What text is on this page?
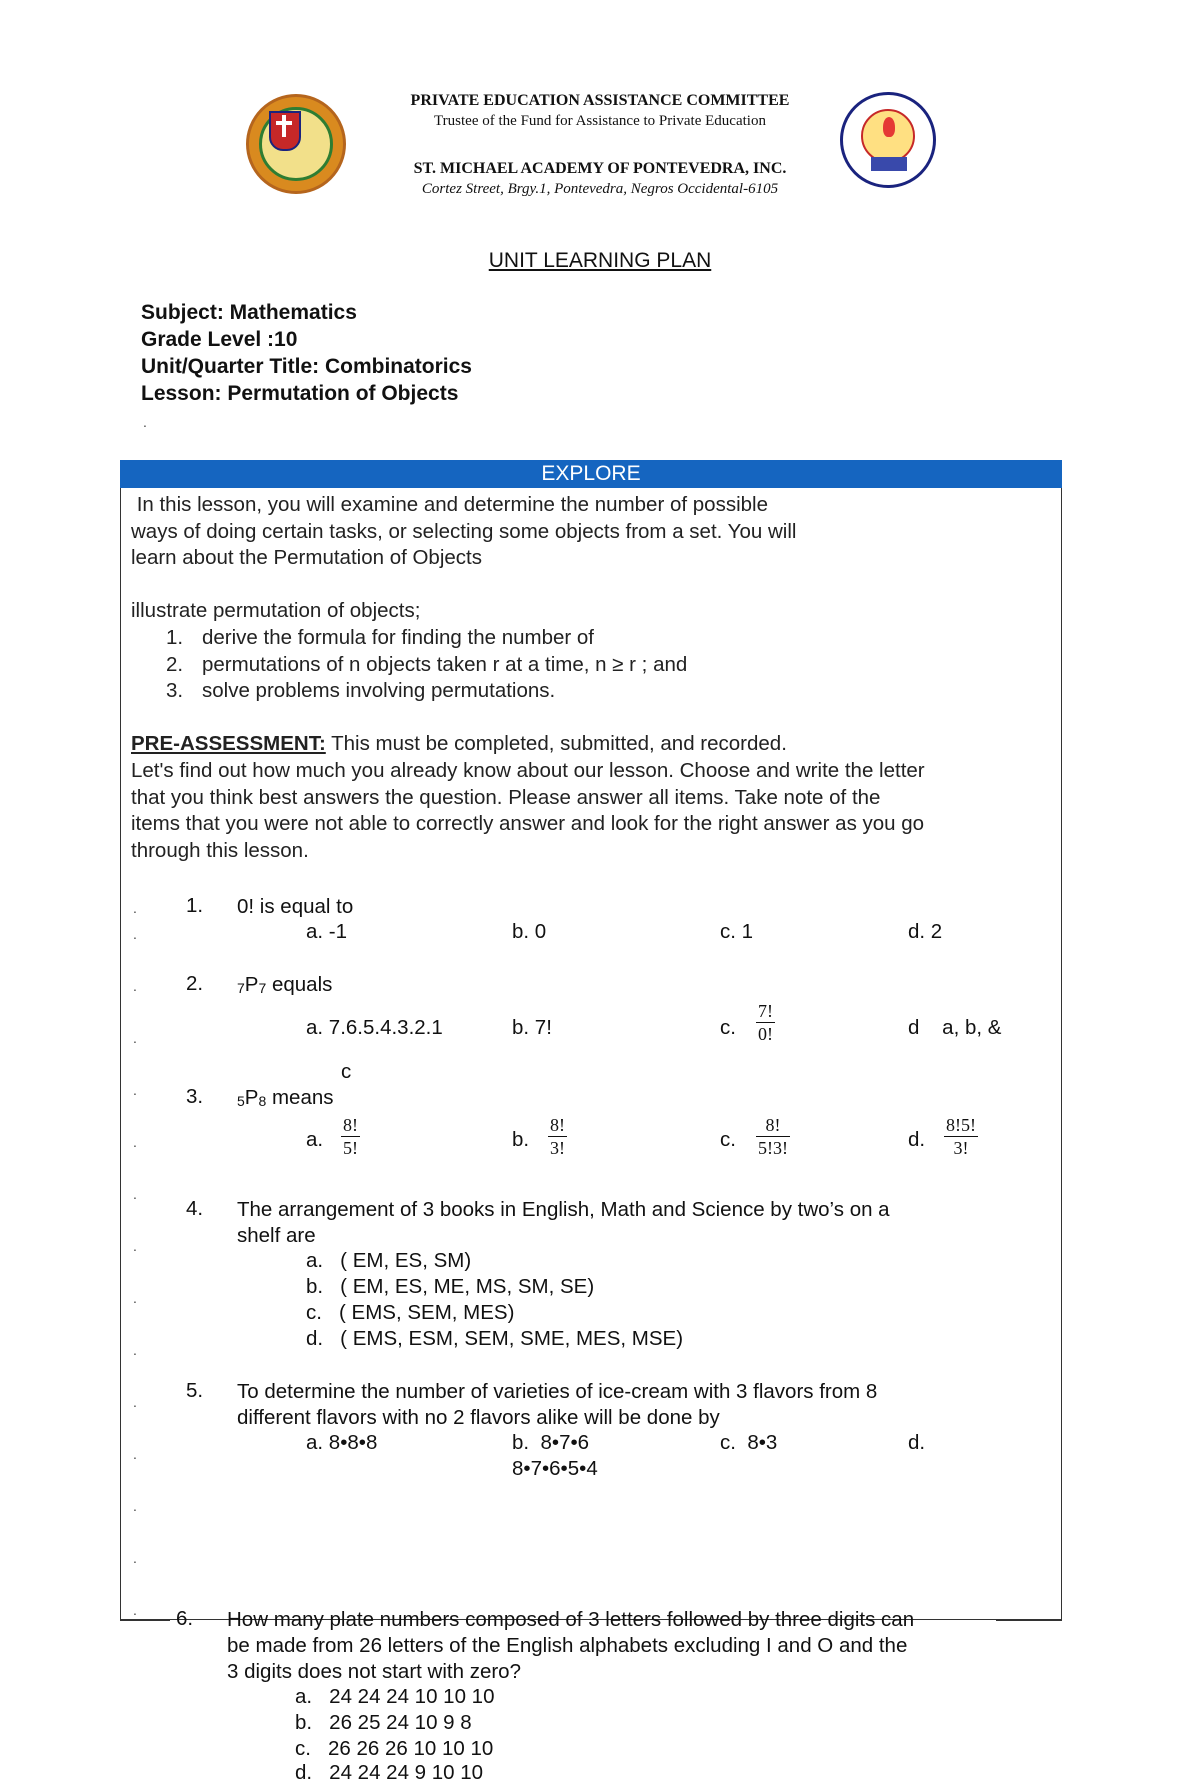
PRIVATE EDUCATION ASSISTANCE COMMITTEE
Trustee of the Fund for Assistance to Private Education
ST. MICHAEL ACADEMY OF PONTEVEDRA, INC.
Cortez Street, Brgy.1, Pontevedra, Negros Occidental-6105
UNIT LEARNING PLAN
Subject: Mathematics
Grade Level :10
Unit/Quarter Title: Combinatorics
Lesson: Permutation of Objects
.
EXPLORE
In this lesson, you will examine and determine the number of possible
ways of doing certain tasks, or selecting some objects from a set. You will
learn about the Permutation of Objects
illustrate permutation of objects;
1. derive the formula for finding the number of
2. permutations of n objects taken r at a time, n ≥ r ; and
3. solve problems involving permutations.
PRE-ASSESSMENT: This must be completed, submitted, and recorded.
Let's find out how much you already know about our lesson. Choose and write the letter
that you think best answers the question. Please answer all items. Take note of the
items that you were not able to correctly answer and look for the right answer as you go
through this lesson.
.
.
.
.
.
.
.
.
.
.
.
.
.
.
.
1. 0! is equal to
a. -1	b. 0	c. 1	d. 2
2. 7P7 equals
a. 7.6.5.4.3.2.1	b. 7!	c. $\frac{7!}{0!}$	d    a, b, &
c
3. 5P8 means
a. $\frac{8!}{5!}$	b. $\frac{8!}{3!}$	c. $\frac{8!}{5!3!}$	d. $\frac{8!5!}{3!}$
4. The arrangement of 3 books in English, Math and Science by two’s on a
shelf are
a.   ( EM, ES, SM)
b.   ( EM, ES, ME, MS, SM, SE)
c.   ( EMS, SEM, MES)
d.   ( EMS, ESM, SEM, SME, MES, MSE)
5. To determine the number of varieties of ice-cream with 3 flavors from 8
different flavors with no 2 flavors alike will be done by
a. 8•8•8	b.  8•7•6	c.  8•3	d.
8•7•6•5•4
6. How many plate numbers composed of 3 letters followed by three digits can
be made from 26 letters of the English alphabets excluding I and O and the
3 digits does not start with zero?
a.   24 24 24 10 10 10
b.   26 25 24 10 9 8
c.   26 26 26 10 10 10
d.   24 24 24 9 10 10
